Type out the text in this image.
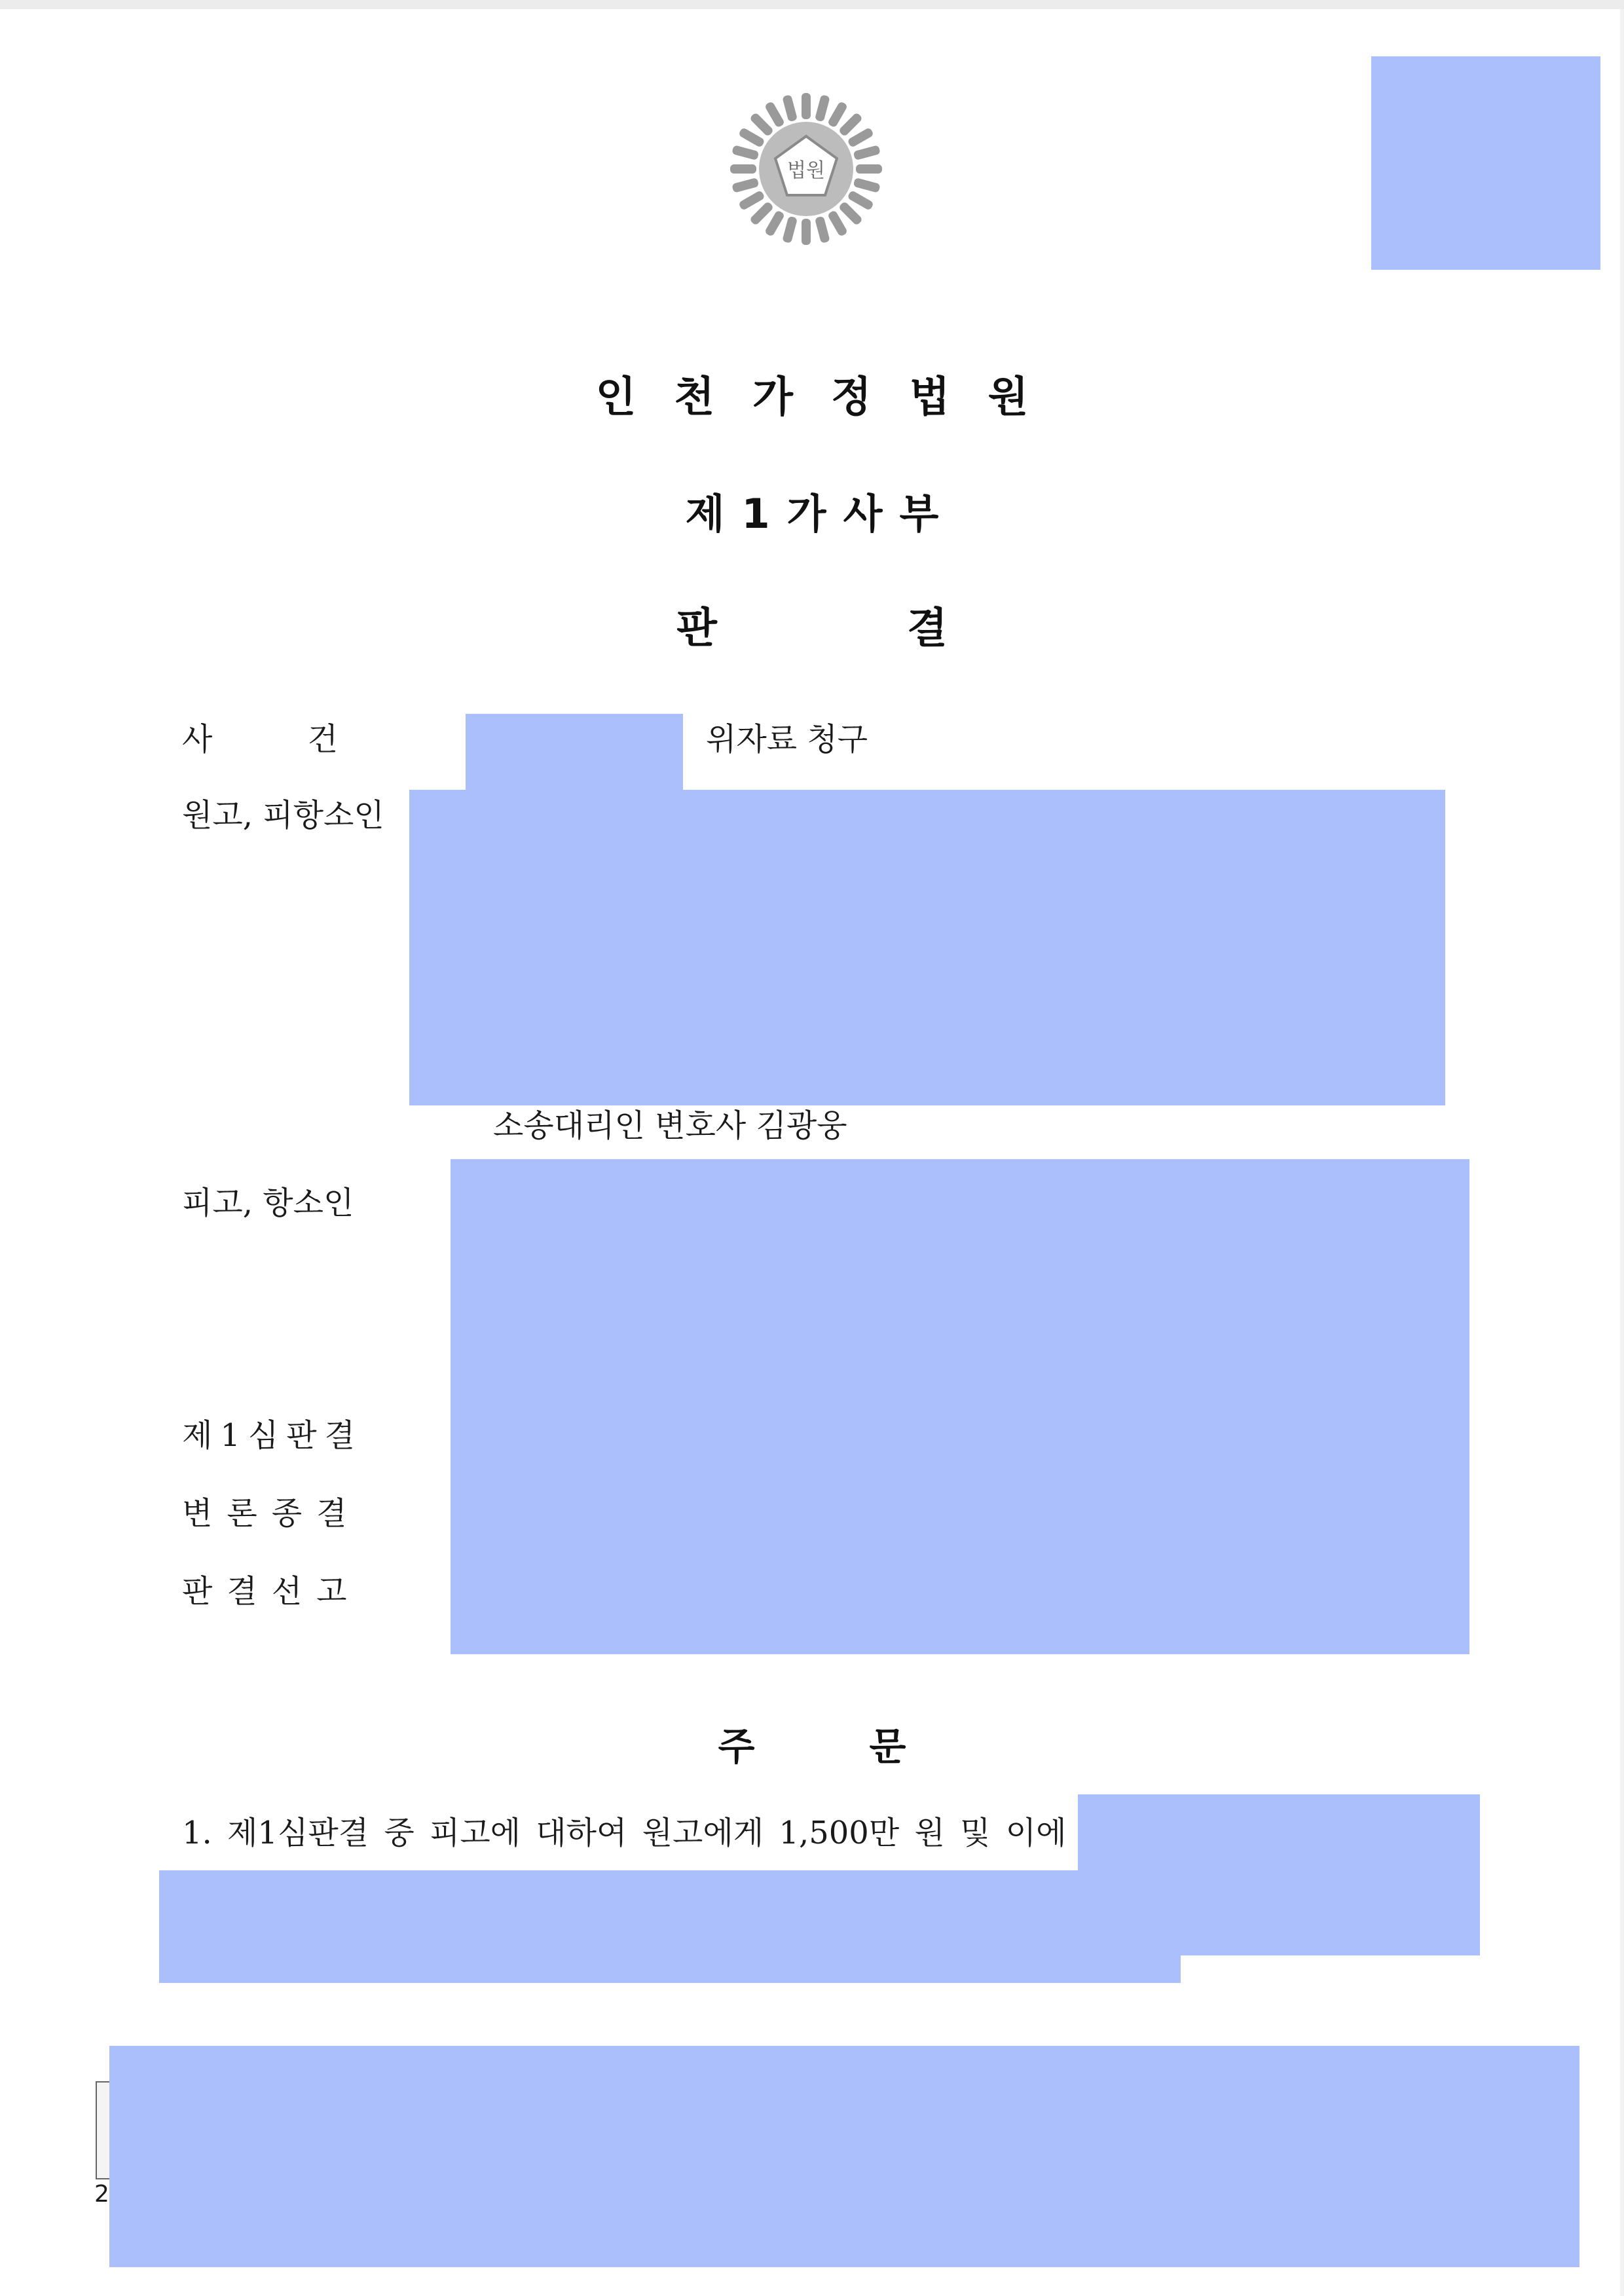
법원
인천가정법원
제1가사부
판결
사 건	위자료 청구
원고, 피항소인
소송대리인 변호사 김광웅
피고, 항소인
제1심판결
변론종결
판결선고
주문
1. 제1심판결 중 피고에 대하여 원고에게 1,500만 원 및 이에
2
